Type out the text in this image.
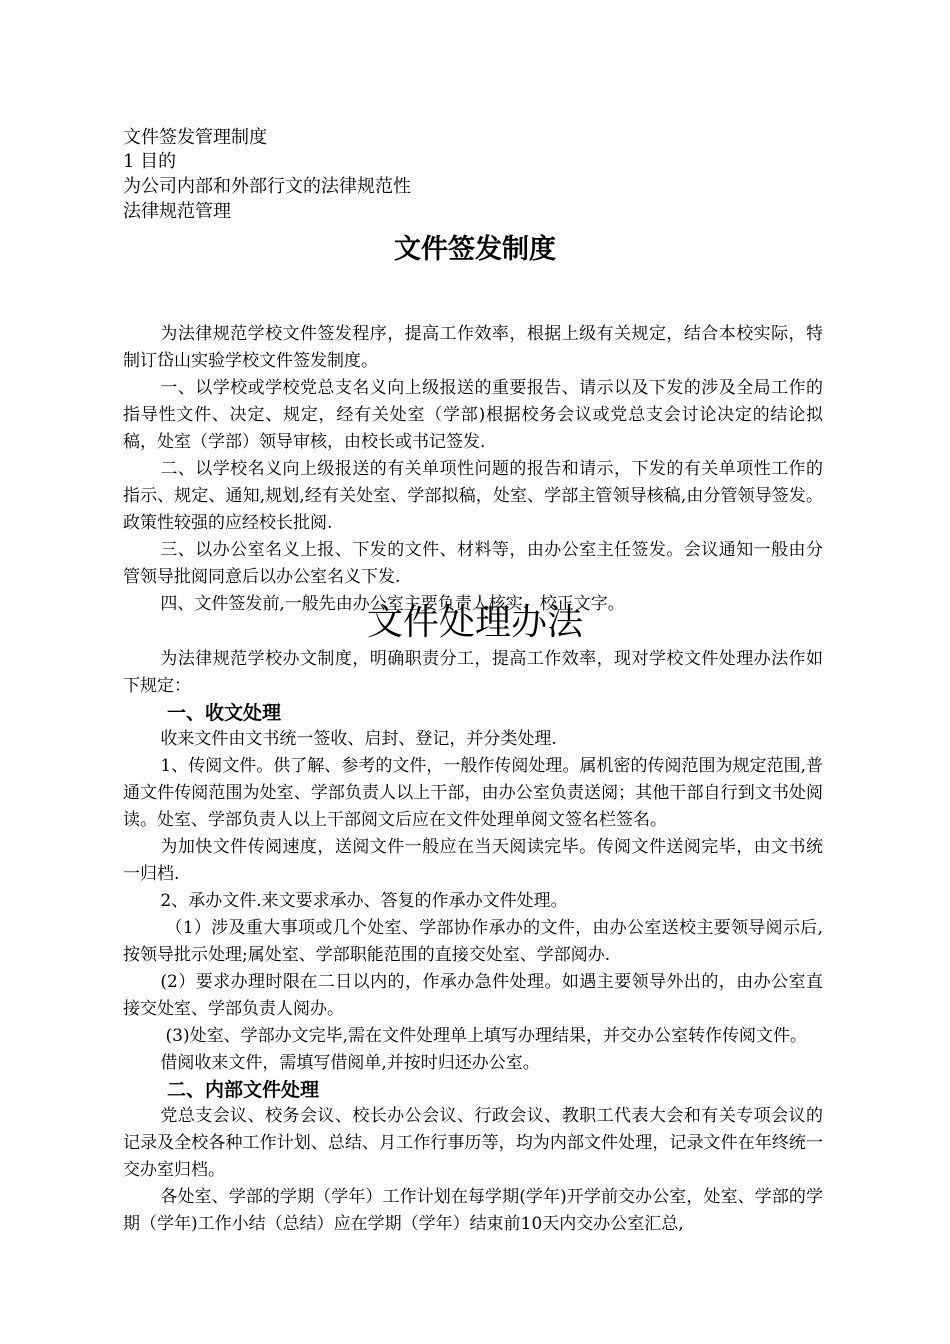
文件签发管理制度
1 目的
为公司内部和外部行文的法律规范性
法律规范管理
文件签发制度

为法律规范学校文件签发程序，提高工作效率，根据上级有关规定，结合本校实际，特制订岱山实验学校文件签发制度。

一、以学校或学校党总支名义向上级报送的重要报告、请示以及下发的涉及全局工作的指导性文件、决定、规定，经有关处室（学部)根据校务会议或党总支会讨论决定的结论拟稿，处室（学部）领导审核，由校长或书记签发.

二、以学校名义向上级报送的有关单项性问题的报告和请示，下发的有关单项性工作的指示、规定、通知,规划,经有关处室、学部拟稿，处室、学部主管领导核稿,由分管领导签发。政策性较强的应经校长批阅.

三、以办公室名义上报、下发的文件、材料等，由办公室主任签发。会议通知一般由分管领导批阅同意后以办公室名义下发.

四、文件签发前,一般先由办公室主要负责人核实、校正文字。

文件处理办法

为法律规范学校办文制度，明确职责分工，提高工作效率，现对学校文件处理办法作如下规定：

一、收文处理

收来文件由文书统一签收、启封、登记，并分类处理.

1、传阅文件。供了解、参考的文件，一般作传阅处理。属机密的传阅范围为规定范围,普通文件传阅范围为处室、学部负责人以上干部，由办公室负责送阅；其他干部自行到文书处阅读。处室、学部负责人以上干部阅文后应在文件处理单阅文签名栏签名。

为加快文件传阅速度，送阅文件一般应在当天阅读完毕。传阅文件送阅完毕，由文书统一归档.

2、承办文件.来文要求承办、答复的作承办文件处理。

（1）涉及重大事项或几个处室、学部协作承办的文件，由办公室送校主要领导阅示后,按领导批示处理;属处室、学部职能范围的直接交处室、学部阅办.

(2）要求办理时限在二日以内的，作承办急件处理。如遇主要领导外出的，由办公室直接交处室、学部负责人阅办。

(3)处室、学部办文完毕,需在文件处理单上填写办理结果，并交办公室转作传阅文件。

借阅收来文件，需填写借阅单,并按时归还办公室。

二、内部文件处理

党总支会议、校务会议、校长办公会议、行政会议、教职工代表大会和有关专项会议的记录及全校各种工作计划、总结、月工作行事历等，均为内部文件处理，记录文件在年终统一交办室归档。

各处室、学部的学期（学年）工作计划在每学期(学年)开学前交办公室，处室、学部的学期（学年)工作小结（总结）应在学期（学年）结束前10天内交办公室汇总,
